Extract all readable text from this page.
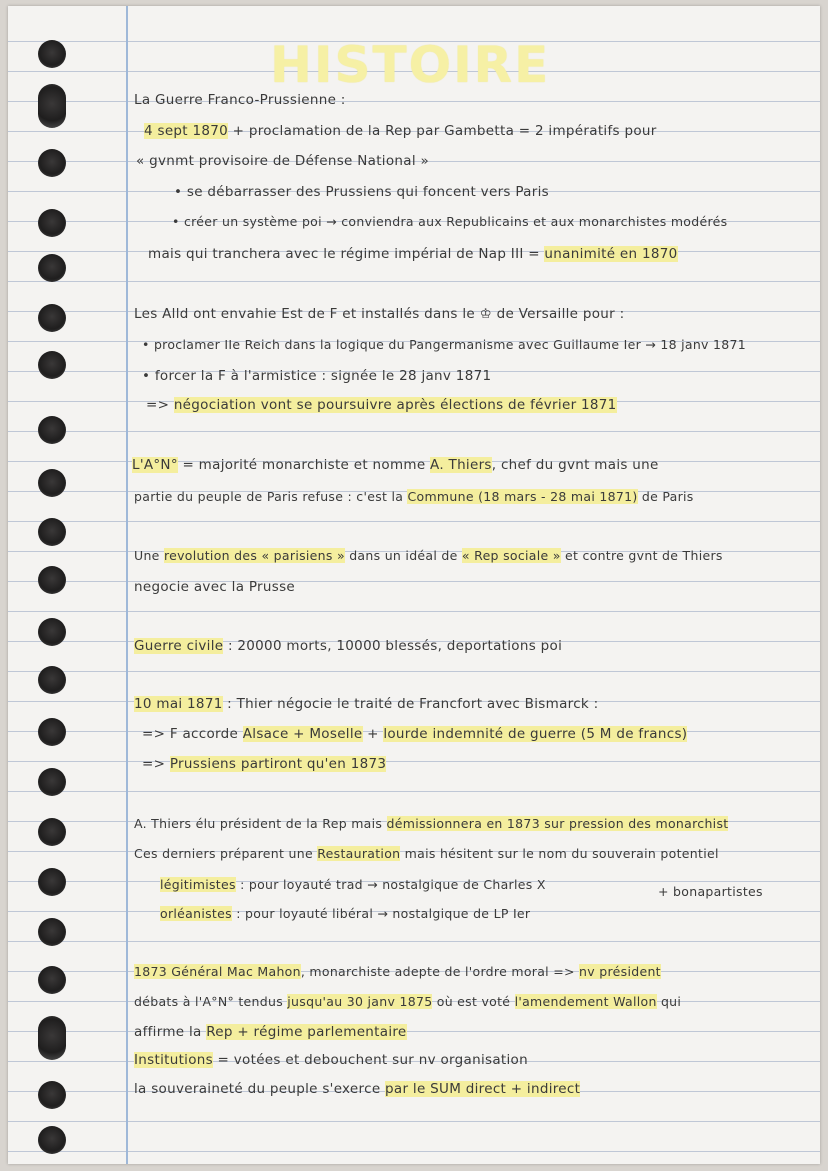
HISTOIRE
La Guerre Franco-Prussienne :
4 sept 1870 + proclamation de la Rep par Gambetta = 2 impératifs pour
« gvnmt provisoire de Défense National »
• se débarrasser des Prussiens qui foncent vers Paris
• créer un système poi → conviendra aux Republicains et aux monarchistes modérés
mais qui tranchera avec le régime impérial de Nap III = unanimité en 1870
Les Alld ont envahie Est de F et installés dans le ♔ de Versaille pour :
• proclamer IIe Reich dans la logique du Pangermanisme avec Guillaume Ier → 18 janv 1871
• forcer la F à l'armistice : signée le 28 janv 1871
=> négociation vont se poursuivre après élections de février 1871
L'A°N° = majorité monarchiste et nomme A. Thiers, chef du gvnt mais une
partie du peuple de Paris refuse : c'est la Commune (18 mars - 28 mai 1871) de Paris
Une revolution des « parisiens » dans un idéal de « Rep sociale » et contre gvnt de Thiers
negocie avec la Prusse
Guerre civile : 20000 morts, 10000 blessés, deportations poi
10 mai 1871 : Thier négocie le traité de Francfort avec Bismarck :
=> F accorde Alsace + Moselle + lourde indemnité de guerre (5 M de francs)
=> Prussiens partiront qu'en 1873
A. Thiers élu président de la Rep mais démissionnera en 1873 sur pression des monarchist
Ces derniers préparent une Restauration mais hésitent sur le nom du souverain potentiel
légitimistes : pour loyauté trad → nostalgique de Charles X	+ bonapartistes
orléanistes : pour loyauté libéral → nostalgique de LP Ier
1873 Général Mac Mahon, monarchiste adepte de l'ordre moral => nv président
débats à l'A°N° tendus jusqu'au 30 janv 1875 où est voté l'amendement Wallon qui
affirme la Rep + régime parlementaire
Institutions = votées et debouchent sur nv organisation
la souveraineté du peuple s'exerce par le SUM direct + indirect
